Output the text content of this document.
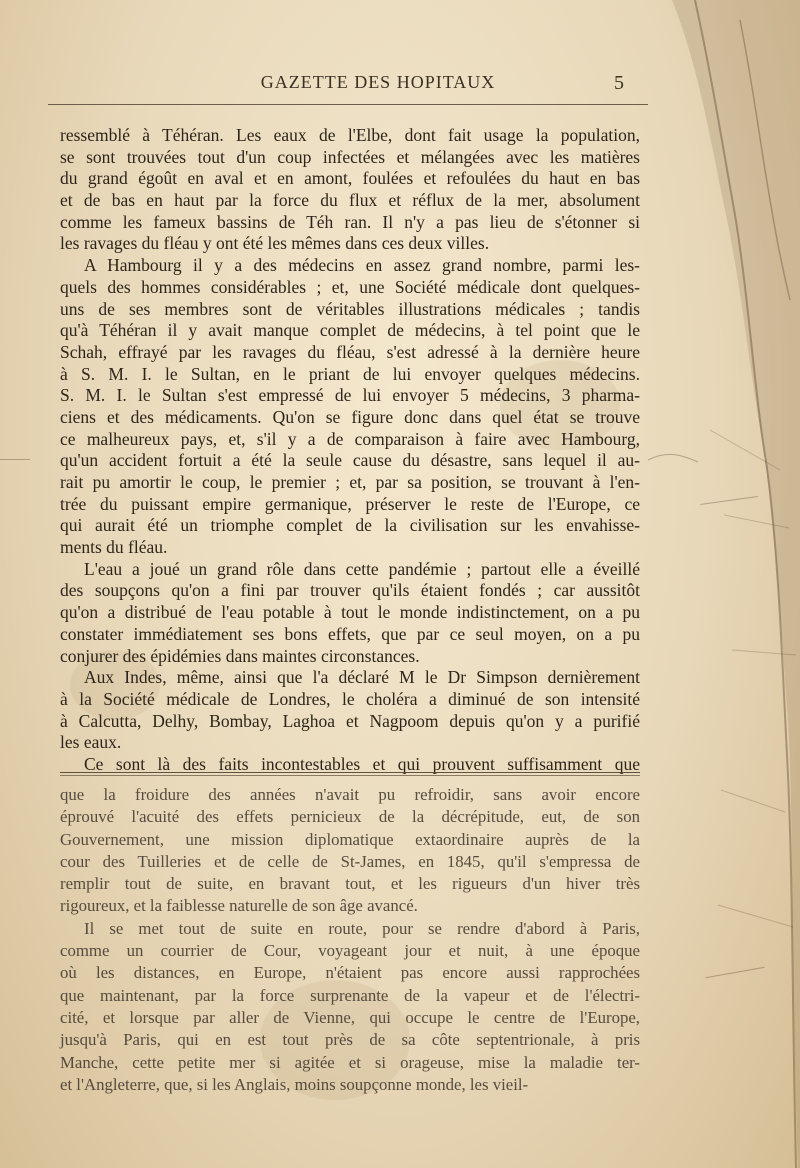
GAZETTE DES HOPITAUX	5
ressemblé à Téhéran. Les eaux de l'Elbe, dont fait usage la population,
se sont trouvées tout d'un coup infectées et mélangées avec les matières
du grand égoût en aval et en amont, foulées et refoulées du haut en bas
et de bas en haut par la force du flux et réflux de la mer, absolument
comme les fameux bassins de Téh ran. Il n'y a pas lieu de s'étonner si
les ravages du fléau y ont été les mêmes dans ces deux villes.
A Hambourg il y a des médecins en assez grand nombre, parmi les-
quels des hommes considérables ; et, une Société médicale dont quelques-
uns de ses membres sont de véritables illustrations médicales ; tandis
qu'à Téhéran il y avait manque complet de médecins, à tel point que le
Schah, effrayé par les ravages du fléau, s'est adressé à la dernière heure
à S. M. I. le Sultan, en le priant de lui envoyer quelques médecins.
S. M. I. le Sultan s'est empressé de lui envoyer 5 médecins, 3 pharma-
ciens et des médicaments. Qu'on se figure donc dans quel état se trouve
ce malheureux pays, et, s'il y a de comparaison à faire avec Hambourg,
qu'un accident fortuit a été la seule cause du désastre, sans lequel il au-
rait pu amortir le coup, le premier ; et, par sa position, se trouvant à l'en-
trée du puissant empire germanique, préserver le reste de l'Europe, ce
qui aurait été un triomphe complet de la civilisation sur les envahisse-
ments du fléau.
L'eau a joué un grand rôle dans cette pandémie ; partout elle a éveillé
des soupçons qu'on a fini par trouver qu'ils étaient fondés ; car aussitôt
qu'on a distribué de l'eau potable à tout le monde indistinctement, on a pu
constater immédiatement ses bons effets, que par ce seul moyen, on a pu
conjurer des épidémies dans maintes circonstances.
Aux Indes, même, ainsi que l'a déclaré M le Dr Simpson dernièrement
à la Société médicale de Londres, le choléra a diminué de son intensité
à Calcutta, Delhy, Bombay, Laghoa et Nagpoom depuis qu'on y a purifié
les eaux.
Ce sont là des faits incontestables et qui prouvent suffisamment que
que la froidure des années n'avait pu refroidir, sans avoir encore
éprouvé l'acuité des effets pernicieux de la décrépitude, eut, de son
Gouvernement, une mission diplomatique extaordinaire auprès de la
cour des Tuilleries et de celle de St-James, en 1845, qu'il s'empressa de
remplir tout de suite, en bravant tout, et les rigueurs d'un hiver très
rigoureux, et la faiblesse naturelle de son âge avancé.
Il se met tout de suite en route, pour se rendre d'abord à Paris,
comme un courrier de Cour, voyageant jour et nuit, à une époque
où les distances, en Europe, n'étaient pas encore aussi rapprochées
que maintenant, par la force surprenante de la vapeur et de l'électri-
cité, et lorsque par aller de Vienne, qui occupe le centre de l'Europe,
jusqu'à Paris, qui en est tout près de sa côte septentrionale, à pris
Manche, cette petite mer si agitée et si orageuse, mise la maladie ter-
et l'Angleterre, que, si les Anglais, moins soupçonne monde, les vieil-
